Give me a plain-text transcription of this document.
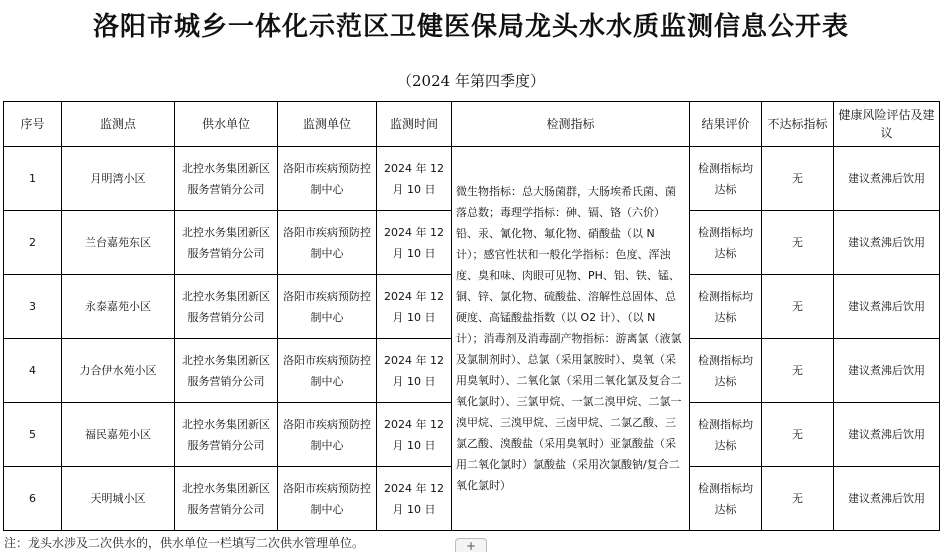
洛阳市城乡一体化示范区卫健医保局龙头水水质监测信息公开表
（2024 年第四季度）
序号	监测点	供水单位	监测单位	监测时间	检测指标	结果评价	不达标指标	健康风险评估及建议
1	月明湾小区	北控水务集团新区服务营销分公司	洛阳市疾病预防控制中心	2024 年 12 月 10 日	微生物指标：总大肠菌群，大肠埃希氏菌、菌落总数；毒理学指标：砷、镉、铬（六价）铅、汞、氰化物、氟化物、硝酸盐（以 N 计）；感官性状和一般化学指标：色度、浑浊度、臭和味、肉眼可见物、PH、铝、铁、锰、铜、锌、氯化物、硫酸盐、溶解性总固体、总硬度、高锰酸盐指数（以 O2 计）、（以 N 计）；消毒剂及消毒副产物指标：游离氯（液氯及氯制剂时）、总氯（采用氯胺时）、臭氧（采用臭氧时）、二氧化氯（采用二氧化氯及复合二氧化氯时）、三氯甲烷、一氯二溴甲烷、二氯一溴甲烷、三溴甲烷、三卤甲烷、二氯乙酸、三氯乙酸、溴酸盐（采用臭氧时）亚氯酸盐（采用二氧化氯时）氯酸盐（采用次氯酸钠/复合二氧化氯时）	检测指标均达标	无	建议煮沸后饮用
2	兰台嘉苑东区	北控水务集团新区服务营销分公司	洛阳市疾病预防控制中心	2024 年 12 月 10 日		检测指标均达标	无	建议煮沸后饮用
3	永泰嘉苑小区	北控水务集团新区服务营销分公司	洛阳市疾病预防控制中心	2024 年 12 月 10 日		检测指标均达标	无	建议煮沸后饮用
4	力合伊水苑小区	北控水务集团新区服务营销分公司	洛阳市疾病预防控制中心	2024 年 12 月 10 日		检测指标均达标	无	建议煮沸后饮用
5	福民嘉苑小区	北控水务集团新区服务营销分公司	洛阳市疾病预防控制中心	2024 年 12 月 10 日		检测指标均达标	无	建议煮沸后饮用
6	天明城小区	北控水务集团新区服务营销分公司	洛阳市疾病预防控制中心	2024 年 12 月 10 日		检测指标均达标	无	建议煮沸后饮用
注：龙头水涉及二次供水的，供水单位一栏填写二次供水管理单位。	+
